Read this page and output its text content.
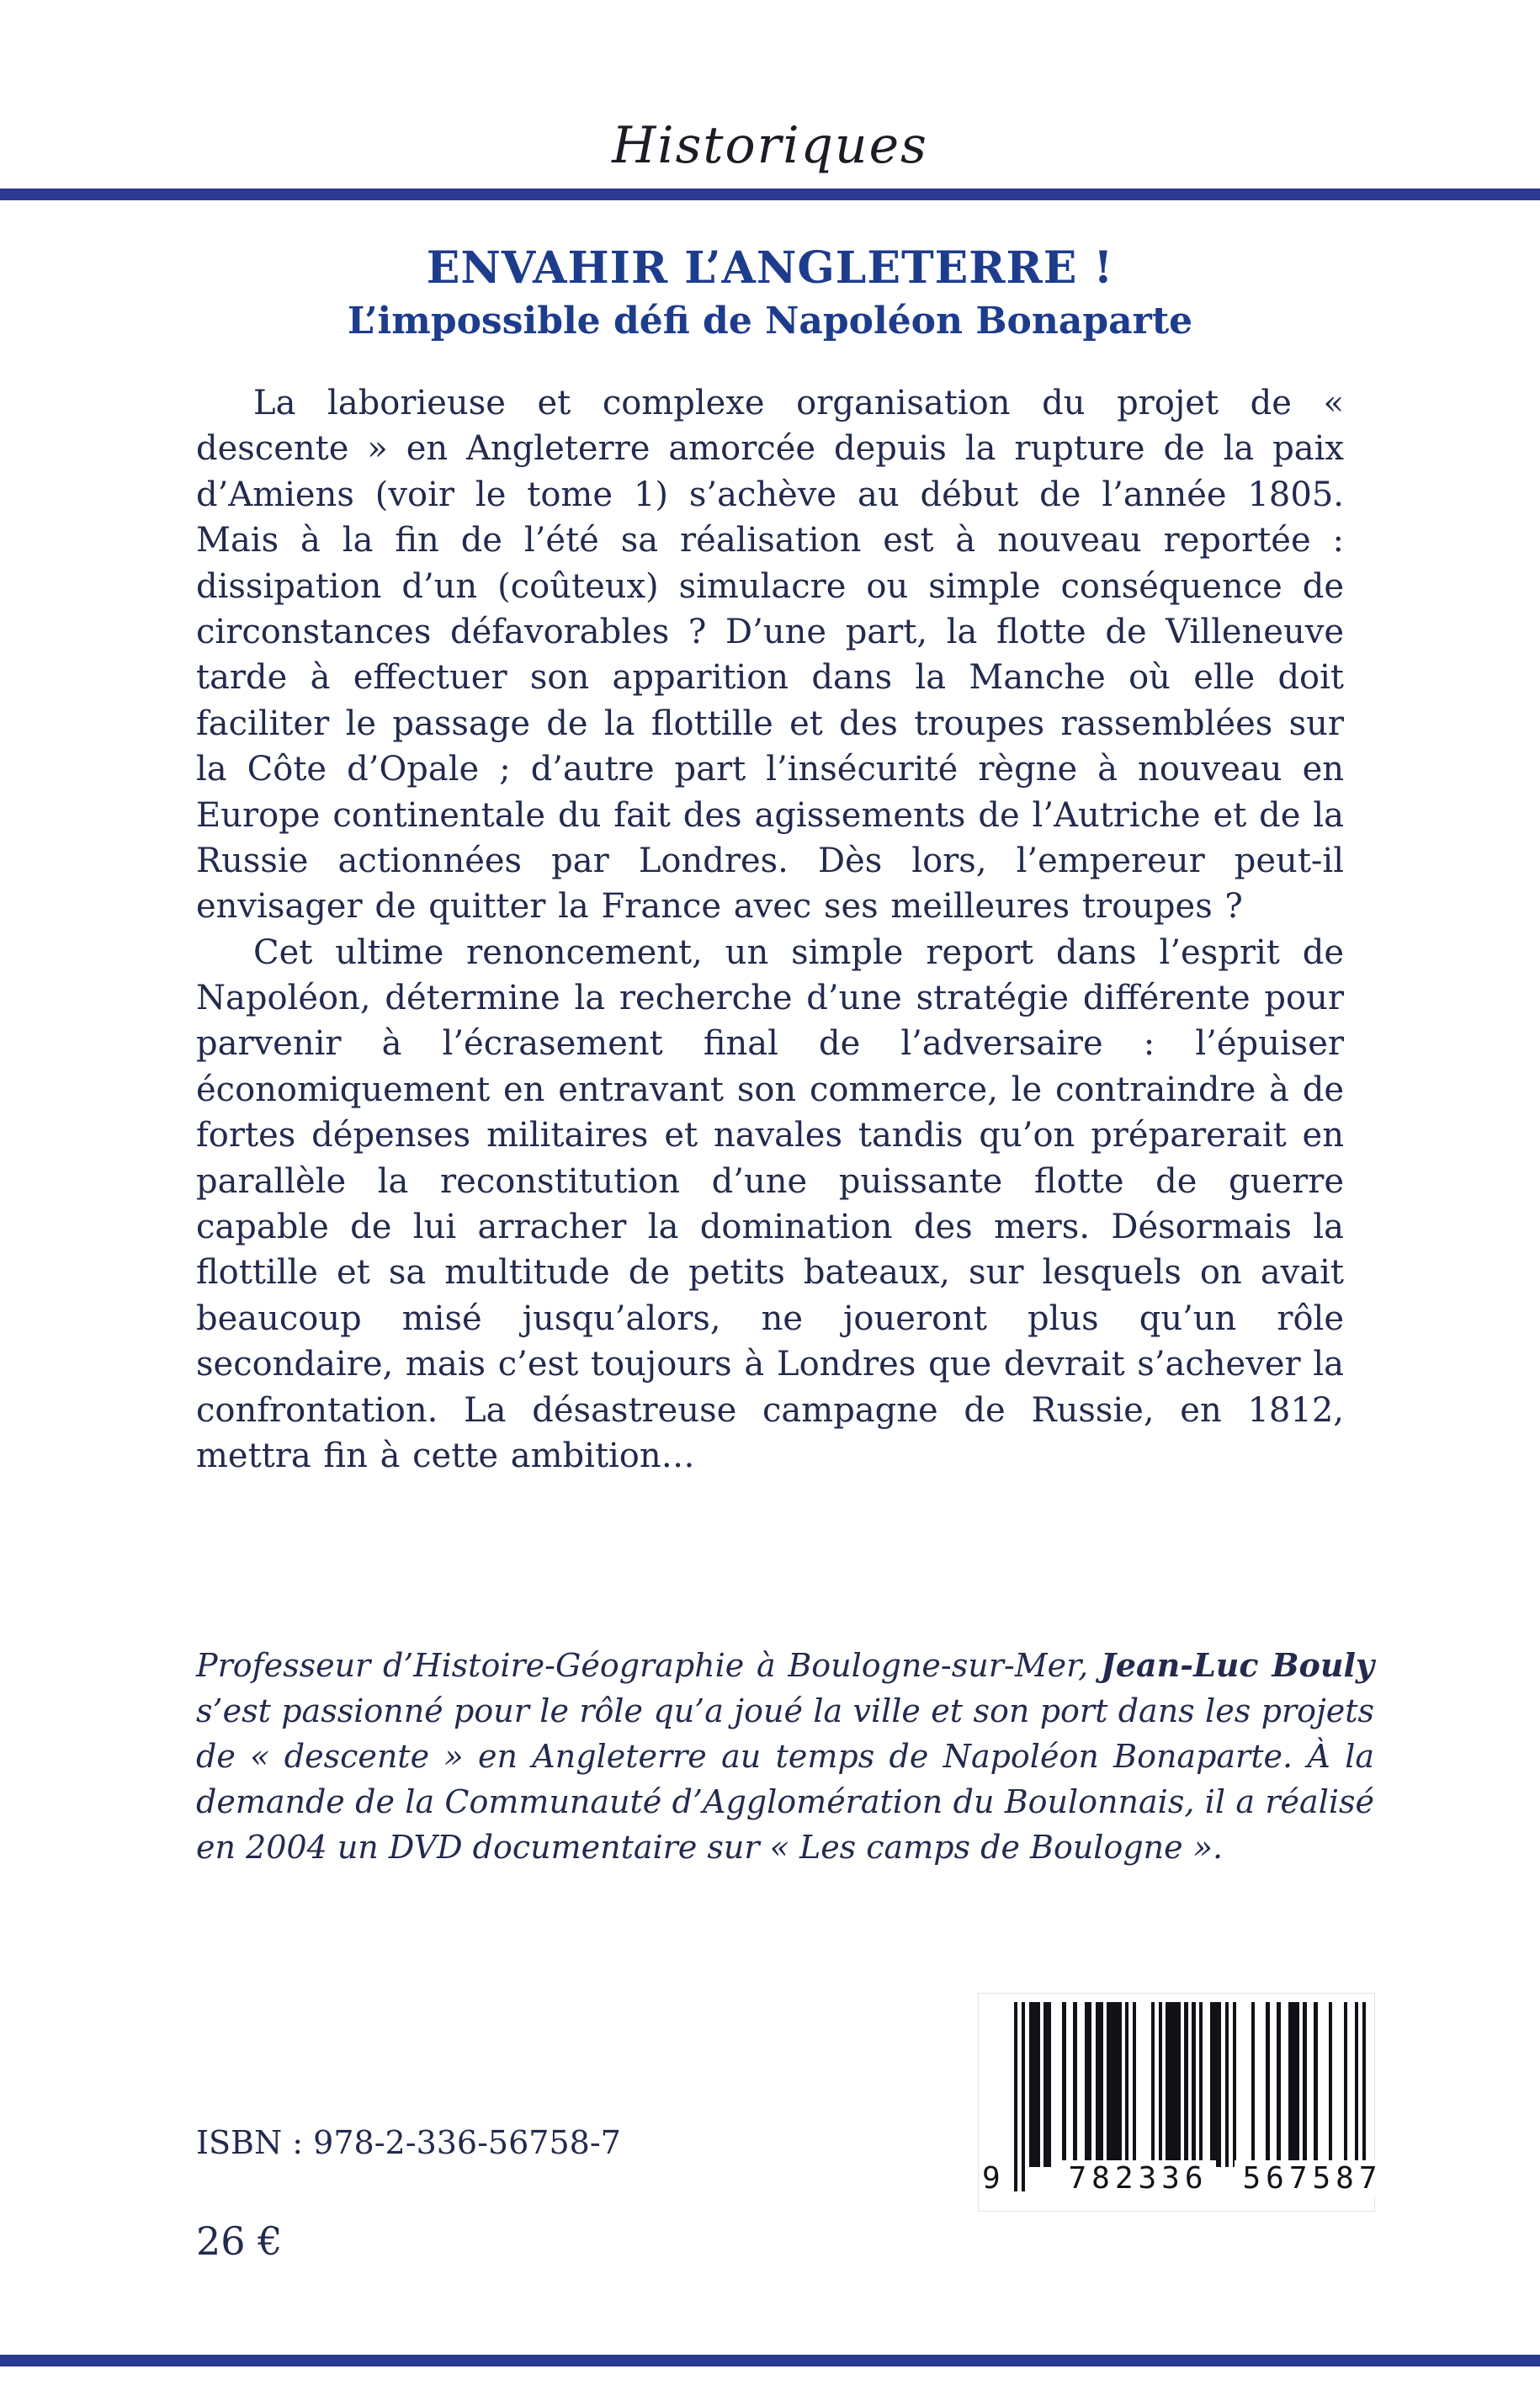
Historiques
ENVAHIR L’ANGLETERRE !
L’impossible défi de Napoléon Bonaparte

La laborieuse et complexe organisation du projet de « descente » en Angleterre amorcée depuis la rupture de la paix d’Amiens (voir le tome 1) s’achève au début de l’année 1805. Mais à la fin de l’été sa réalisation est à nouveau reportée : dissipation d’un (coûteux) simulacre ou simple conséquence de circonstances défavorables ? D’une part, la flotte de Villeneuve tarde à effectuer son apparition dans la Manche où elle doit faciliter le passage de la flottille et des troupes rassemblées sur la Côte d’Opale ; d’autre part l’insécurité règne à nouveau en Europe continentale du fait des agissements de l’Autriche et de la Russie actionnées par Londres. Dès lors, l’empereur peut-il envisager de quitter la France avec ses meilleures troupes ?

Cet ultime renoncement, un simple report dans l’esprit de Napoléon, détermine la recherche d’une stratégie différente pour parvenir à l’écrasement final de l’adversaire : l’épuiser économiquement en entravant son commerce, le contraindre à de fortes dépenses militaires et navales tandis qu’on préparerait en parallèle la reconstitution d’une puissante flotte de guerre capable de lui arracher la domination des mers. Désormais la flottille et sa multitude de petits bateaux, sur lesquels on avait beaucoup misé jusqu’alors, ne joueront plus qu’un rôle secondaire, mais c’est toujours à Londres que devrait s’achever la confrontation. La désastreuse campagne de Russie, en 1812, mettra fin à cette ambition…

Professeur d’Histoire-Géographie à Boulogne-sur-Mer, Jean-Luc Bouly s’est passionné pour le rôle qu’a joué la ville et son port dans les projets de « descente » en Angleterre au temps de Napoléon Bonaparte. À la demande de la Communauté d’Agglomération du Boulonnais, il a réalisé en 2004 un DVD documentaire sur « Les camps de Boulogne ».
ISBN : 978-2-336-56758-7
26 €
9	782336 567587
